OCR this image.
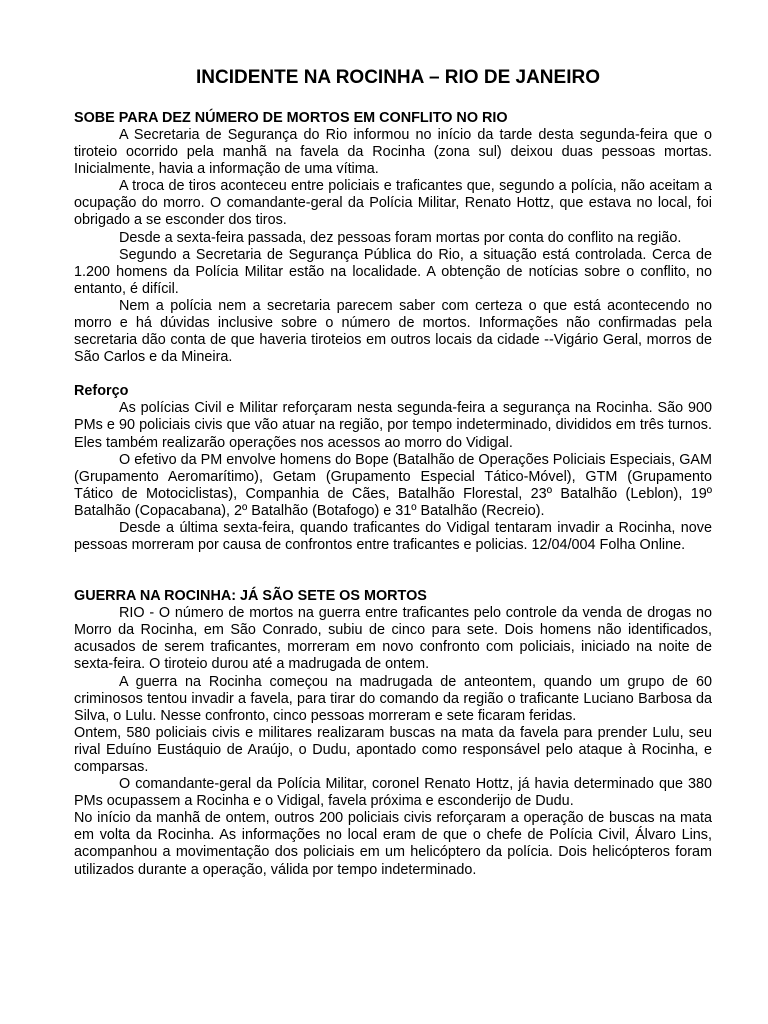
INCIDENTE NA ROCINHA – RIO DE JANEIRO
SOBE PARA DEZ NÚMERO DE MORTOS EM CONFLITO NO RIO

A Secretaria de Segurança do Rio informou no início da tarde desta segunda-feira que o tiroteio ocorrido pela manhã na favela da Rocinha (zona sul) deixou duas pessoas mortas. Inicialmente, havia a informação de uma vítima.

A troca de tiros aconteceu entre policiais e traficantes que, segundo a polícia, não aceitam a ocupação do morro. O comandante-geral da Polícia Militar, Renato Hottz, que estava no local, foi obrigado a se esconder dos tiros.

Desde a sexta-feira passada, dez pessoas foram mortas por conta do conflito na região.

Segundo a Secretaria de Segurança Pública do Rio, a situação está controlada. Cerca de 1.200 homens da Polícia Militar estão na localidade. A obtenção de notícias sobre o conflito, no entanto, é difícil.

Nem a polícia nem a secretaria parecem saber com certeza o que está acontecendo no morro e há dúvidas inclusive sobre o número de mortos. Informações não confirmadas pela secretaria dão conta de que haveria tiroteios em outros locais da cidade --Vigário Geral, morros de São Carlos e da Mineira.

Reforço

As polícias Civil e Militar reforçaram nesta segunda-feira a segurança na Rocinha. São 900 PMs e 90 policiais civis que vão atuar na região, por tempo indeterminado, divididos em três turnos. Eles também realizarão operações nos acessos ao morro do Vidigal.

O efetivo da PM envolve homens do Bope (Batalhão de Operações Policiais Especiais, GAM (Grupamento Aeromarítimo), Getam (Grupamento Especial Tático-Móvel), GTM (Grupamento Tático de Motociclistas), Companhia de Cães, Batalhão Florestal, 23º Batalhão (Leblon), 19º Batalhão (Copacabana), 2º Batalhão (Botafogo) e 31º Batalhão (Recreio).

Desde a última sexta-feira, quando traficantes do Vidigal tentaram invadir a Rocinha, nove pessoas morreram por causa de confrontos entre traficantes e policias. 12/04/004 Folha Online.

GUERRA NA ROCINHA: JÁ SÃO SETE OS MORTOS

RIO - O número de mortos na guerra entre traficantes pelo controle da venda de drogas no Morro da Rocinha, em São Conrado, subiu de cinco para sete. Dois homens não identificados, acusados de serem traficantes, morreram em novo confronto com policiais, iniciado na noite de sexta-feira. O tiroteio durou até a madrugada de ontem.

A guerra na Rocinha começou na madrugada de anteontem, quando um grupo de 60 criminosos tentou invadir a favela, para tirar do comando da região o traficante Luciano Barbosa da Silva, o Lulu. Nesse confronto, cinco pessoas morreram e sete ficaram feridas.

Ontem, 580 policiais civis e militares realizaram buscas na mata da favela para prender Lulu, seu rival Eduíno Eustáquio de Araújo, o Dudu, apontado como responsável pelo ataque à Rocinha, e comparsas.

O comandante-geral da Polícia Militar, coronel Renato Hottz, já havia determinado que 380 PMs ocupassem a Rocinha e o Vidigal, favela próxima e esconderijo de Dudu.

No início da manhã de ontem, outros 200 policiais civis reforçaram a operação de buscas na mata em volta da Rocinha. As informações no local eram de que o chefe de Polícia Civil, Álvaro Lins, acompanhou a movimentação dos policiais em um helicóptero da polícia. Dois helicópteros foram utilizados durante a operação, válida por tempo indeterminado.
